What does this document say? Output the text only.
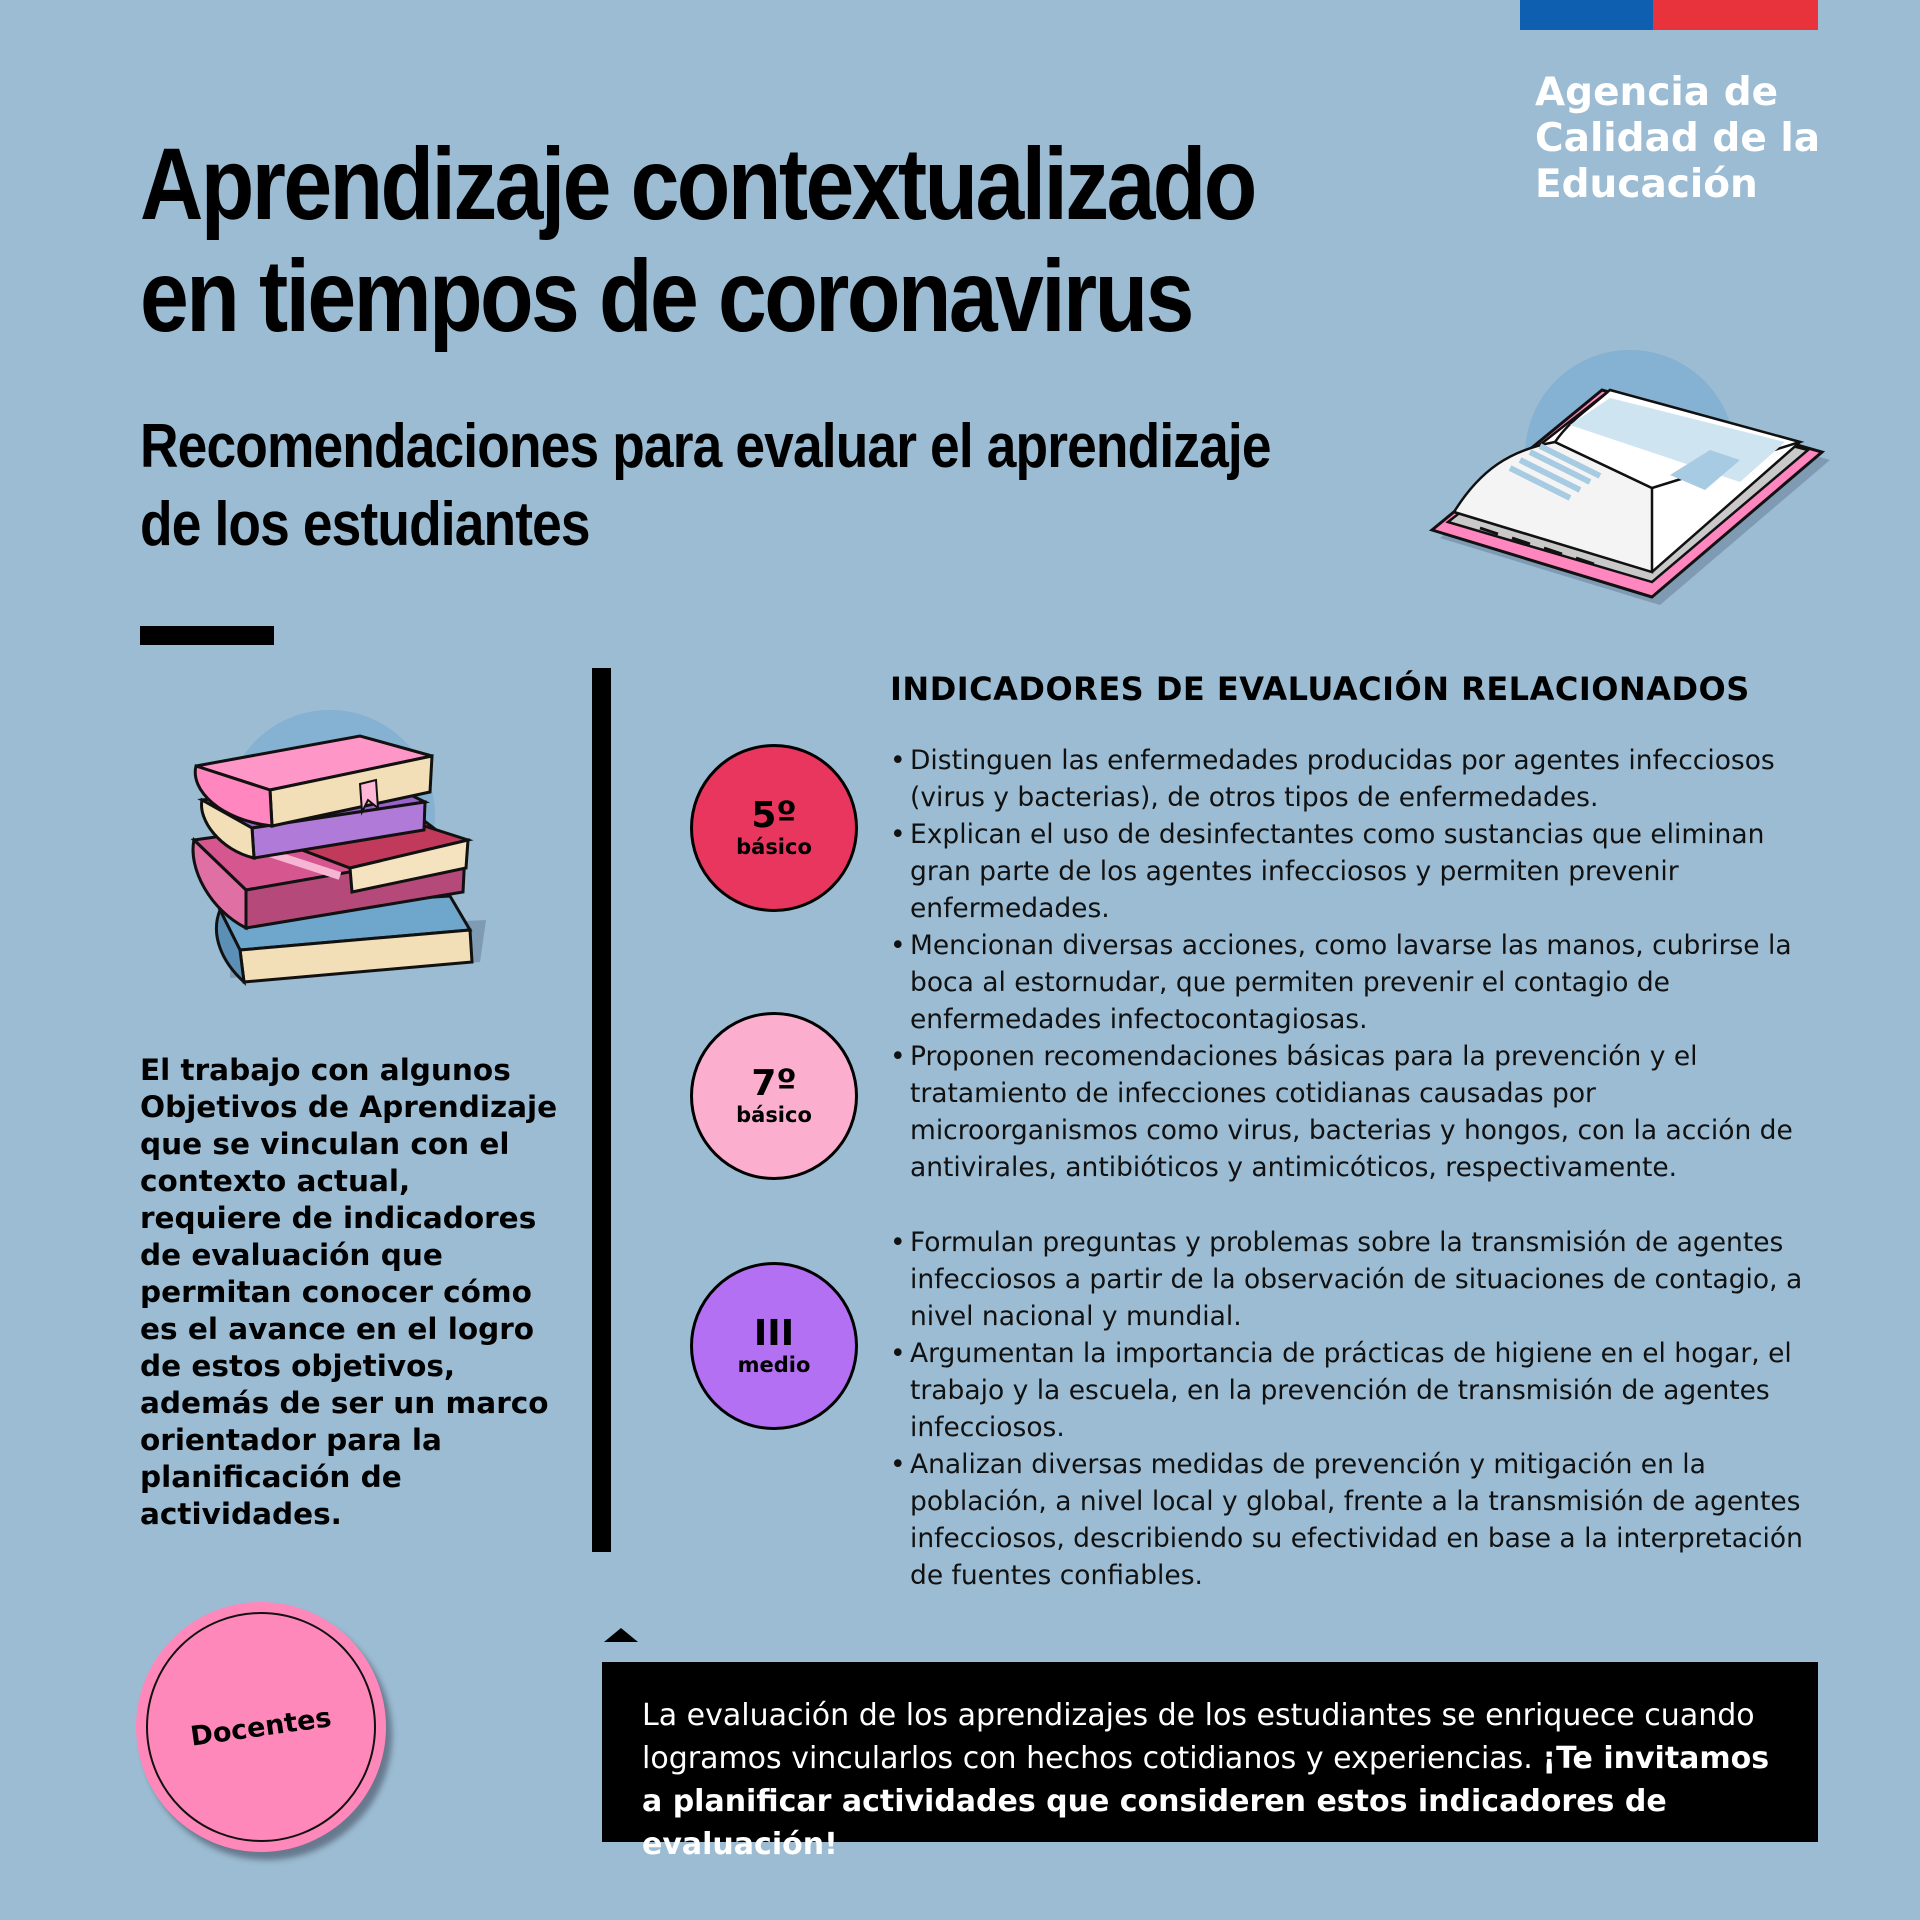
Agencia de
Calidad de la
Educación
Aprendizaje contextualizado
en tiempos de coronavirus
Recomendaciones para evaluar el aprendizaje
de los estudiantes
El trabajo con algunos Objetivos de Aprendizaje que se vinculan con el contexto actual, requiere de indicadores de evaluación que permitan conocer cómo es el avance en el logro de estos objetivos, además de ser un marco orientador para la planificación de actividades.
INDICADORES DE EVALUACIÓN RELACIONADOS
5º
básico
7º
básico
III
medio
• Distinguen las enfermedades producidas por agentes infecciosos (virus y bacterias), de otros tipos de enfermedades.
• Explican el uso de desinfectantes como sustancias que eliminan gran parte de los agentes infecciosos y permiten prevenir enfermedades.
• Mencionan diversas acciones, como lavarse las manos, cubrirse la boca al estornudar, que permiten prevenir el contagio de enfermedades infectocontagiosas.
• Proponen recomendaciones básicas para la prevención y el tratamiento de infecciones cotidianas causadas por microorganismos como virus, bacterias y hongos, con la acción de antivirales, antibióticos y antimicóticos, respectivamente.
• Formulan preguntas y problemas sobre la transmisión de agentes infecciosos a partir de la observación de situaciones de contagio, a nivel nacional y mundial.
• Argumentan la importancia de prácticas de higiene en el hogar, el trabajo y la escuela, en la prevención de transmisión de agentes infecciosos.
• Analizan diversas medidas de prevención y mitigación en la población, a nivel local y global, frente a la transmisión de agentes infecciosos, describiendo su efectividad en base a la interpretación de fuentes confiables.
La evaluación de los aprendizajes de los estudiantes se enriquece cuando logramos vincularlos con hechos cotidianos y experiencias. ¡Te invitamos a planificar actividades que consideren estos indicadores de evaluación!
Docentes
